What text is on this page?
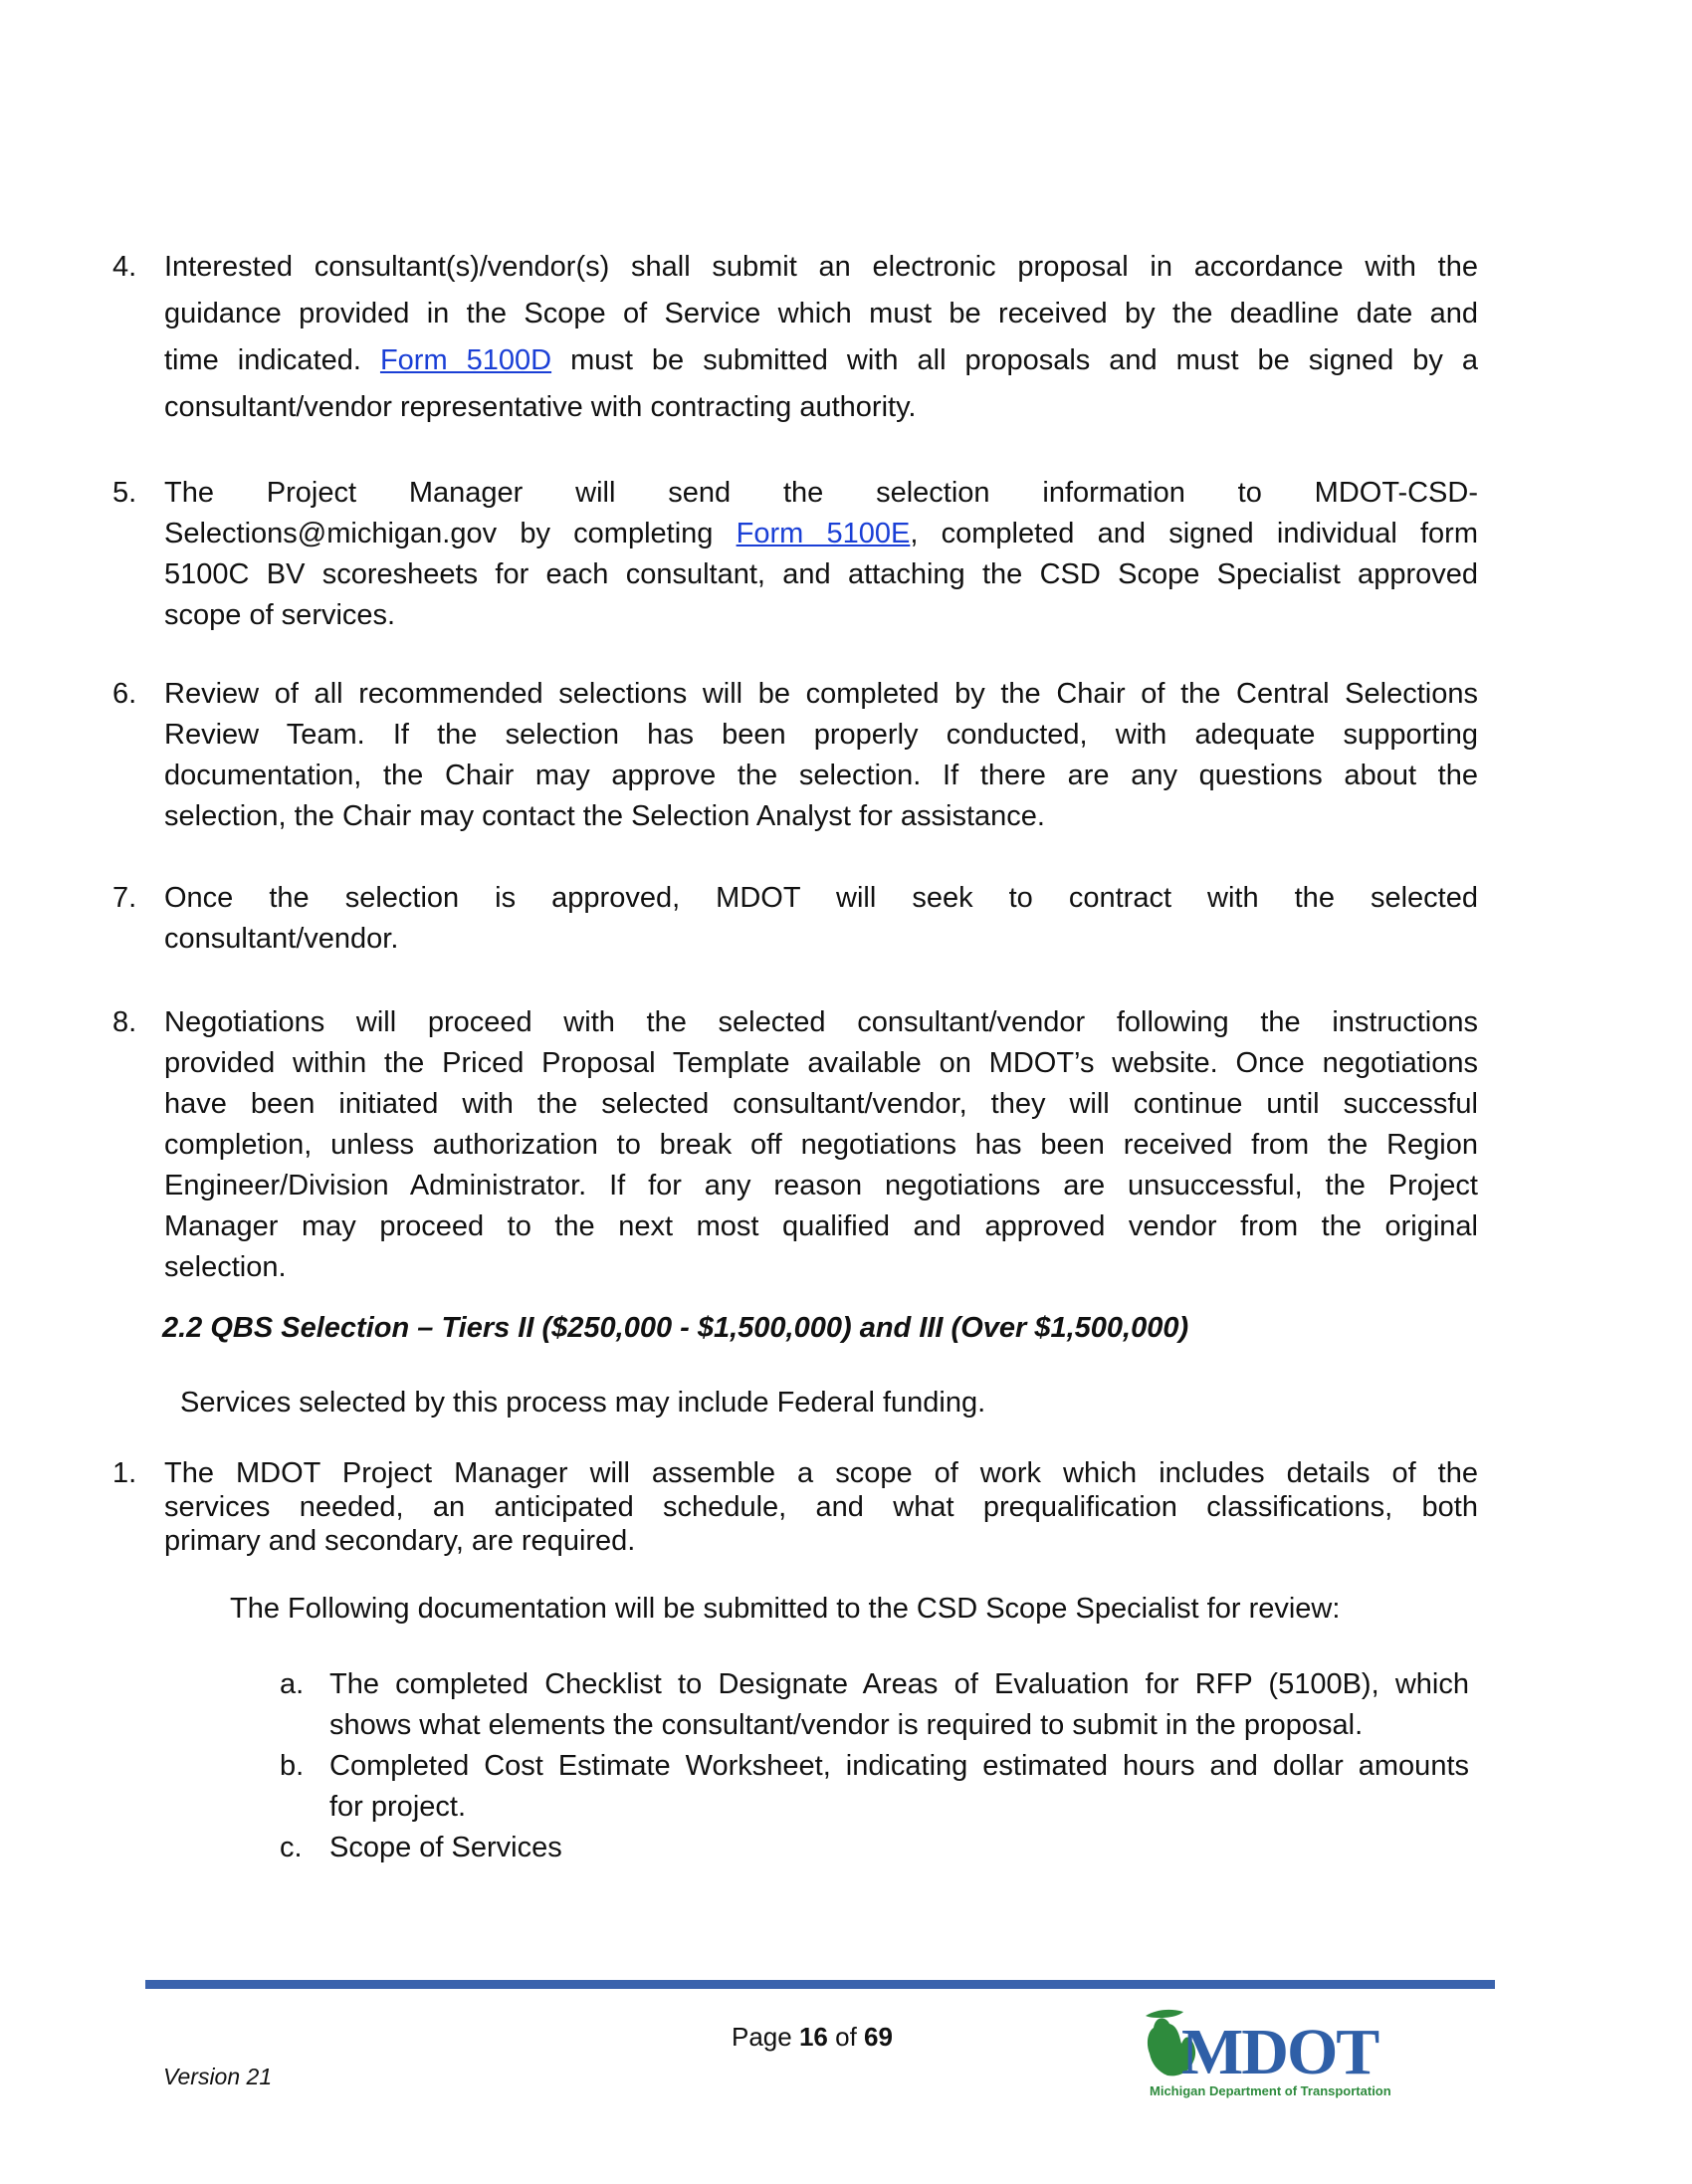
4. Interested consultant(s)/vendor(s) shall submit an electronic proposal in accordance with the
guidance provided in the Scope of Service which must be received by the deadline date and
time indicated. Form 5100D must be submitted with all proposals and must be signed by a
consultant/vendor representative with contracting authority.
5. The Project Manager will send the selection information to MDOT-CSD-
Selections@michigan.gov by completing Form 5100E, completed and signed individual form
5100C BV scoresheets for each consultant, and attaching the CSD Scope Specialist approved
scope of services.
6. Review of all recommended selections will be completed by the Chair of the Central Selections
Review Team. If the selection has been properly conducted, with adequate supporting
documentation, the Chair may approve the selection. If there are any questions about the
selection, the Chair may contact the Selection Analyst for assistance.
7. Once the selection is approved, MDOT will seek to contract with the selected
consultant/vendor.
8. Negotiations will proceed with the selected consultant/vendor following the instructions
provided within the Priced Proposal Template available on MDOT’s website. Once negotiations
have been initiated with the selected consultant/vendor, they will continue until successful
completion, unless authorization to break off negotiations has been received from the Region
Engineer/Division Administrator. If for any reason negotiations are unsuccessful, the Project
Manager may proceed to the next most qualified and approved vendor from the original
selection.
2.2 QBS Selection – Tiers II ($250,000 - $1,500,000) and III (Over $1,500,000)
Services selected by this process may include Federal funding.
1. The MDOT Project Manager will assemble a scope of work which includes details of the
services needed, an anticipated schedule, and what prequalification classifications, both
primary and secondary, are required.
The Following documentation will be submitted to the CSD Scope Specialist for review:
a. The completed Checklist to Designate Areas of Evaluation for RFP (5100B), which
shows what elements the consultant/vendor is required to submit in the proposal.
b. Completed Cost Estimate Worksheet, indicating estimated hours and dollar amounts
for project.
c. Scope of Services
Page 16 of 69
Version 21	MDOT
Michigan Department of Transportation
